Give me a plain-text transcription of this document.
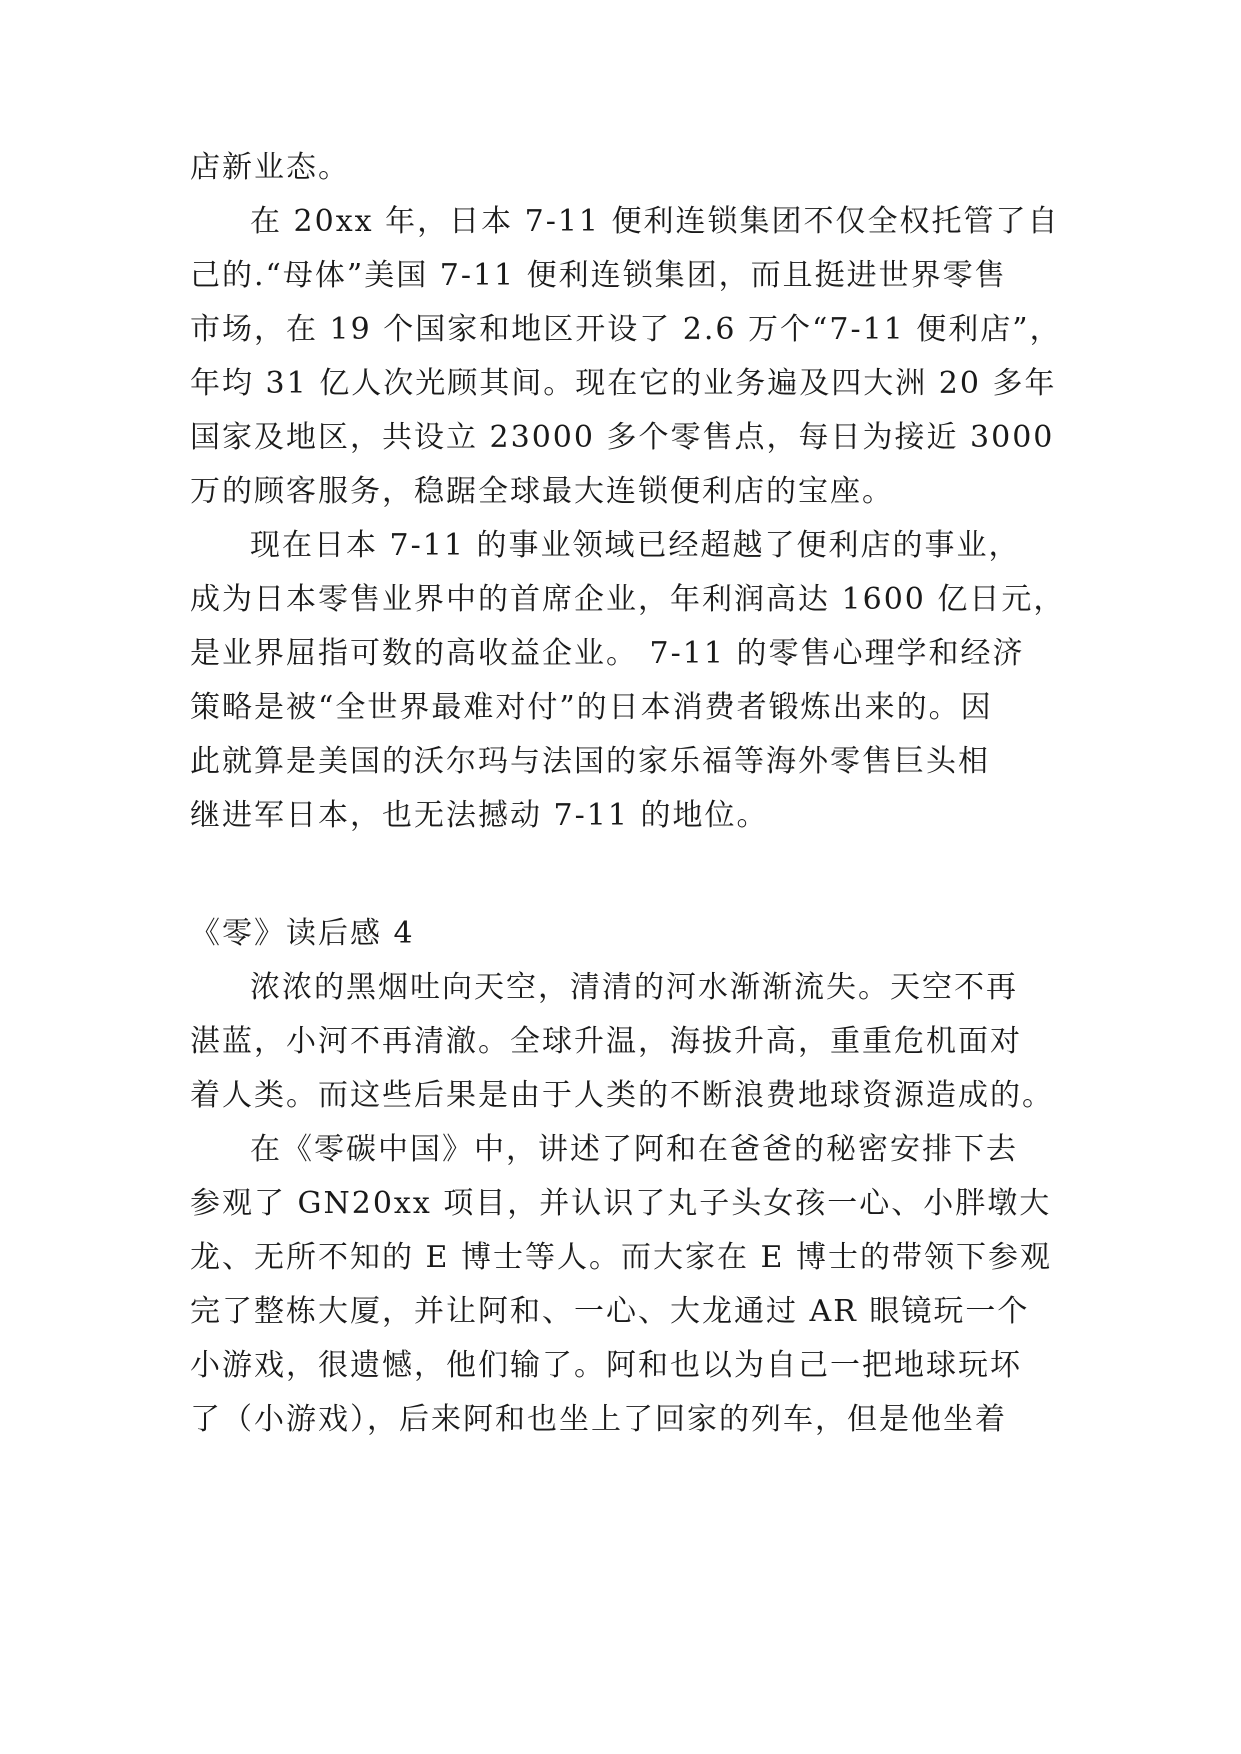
店新业态。
在 20xx 年，日本 7-11 便利连锁集团不仅全权托管了自
己的.“母体”美国 7-11 便利连锁集团，而且挺进世界零售
市场，在 19 个国家和地区开设了 2.6 万个“7-11 便利店”，
年均 31 亿人次光顾其间。现在它的业务遍及四大洲 20 多年
国家及地区，共设立 23000 多个零售点，每日为接近 3000
万的顾客服务，稳踞全球最大连锁便利店的宝座。
现在日本 7-11 的事业领域已经超越了便利店的事业，
成为日本零售业界中的首席企业，年利润高达 1600 亿日元，
是业界屈指可数的高收益企业。 7-11 的零售心理学和经济
策略是被“全世界最难对付”的日本消费者锻炼出来的。因
此就算是美国的沃尔玛与法国的家乐福等海外零售巨头相
继进军日本，也无法撼动 7-11 的地位。
《零》读后感 4
浓浓的黑烟吐向天空，清清的河水渐渐流失。天空不再
湛蓝，小河不再清澈。全球升温，海拔升高，重重危机面对
着人类。而这些后果是由于人类的不断浪费地球资源造成的。
在《零碳中国》中，讲述了阿和在爸爸的秘密安排下去
参观了 GN20xx 项目，并认识了丸子头女孩一心、小胖墩大
龙、无所不知的 E 博士等人。而大家在 E 博士的带领下参观
完了整栋大厦，并让阿和、一心、大龙通过 AR 眼镜玩一个
小游戏，很遗憾，他们输了。阿和也以为自己一把地球玩坏
了（小游戏），后来阿和也坐上了回家的列车，但是他坐着
